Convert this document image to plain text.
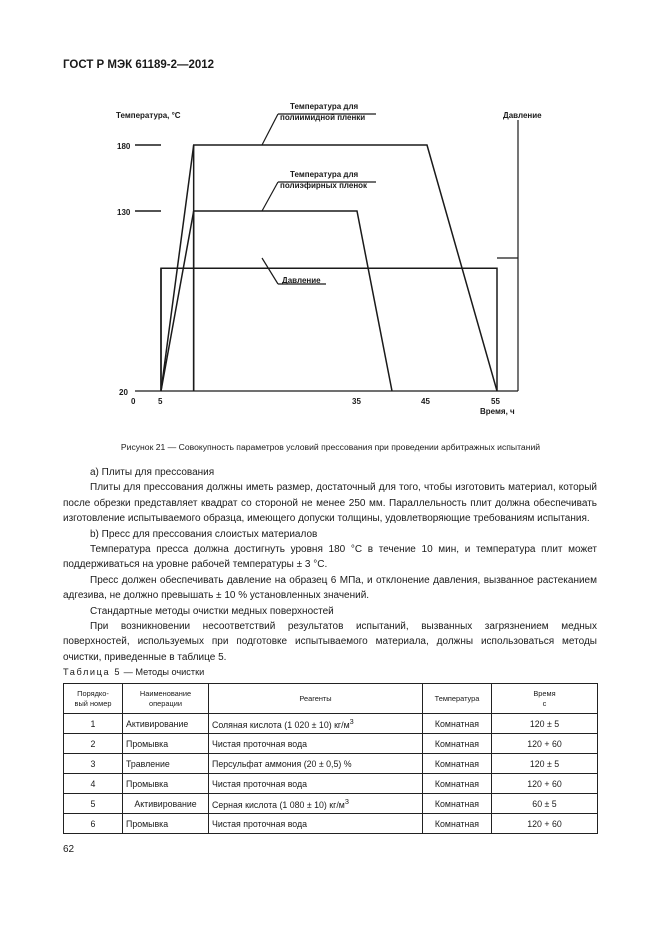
ГОСТ Р МЭК 61189-2—2012
Температура, °С	Давление
180
130
20
0	5	35	45	55
Время, ч
Температура для
полиимидной пленки
Температура для
полиэфирных пленок
Давление
Рисунок 21 — Совокупность параметров условий прессования при проведении арбитражных испытаний

а) Плиты для прессования

Плиты для прессования должны иметь размер, достаточный для того, чтобы изготовить материал, который после обрезки представляет квадрат со стороной не менее 250 мм. Параллельность плит должна обеспечивать изготовление испытываемого образца, имеющего допуски толщины, удовлетворяющие требованиям испытания.

b) Пресс для прессования слоистых материалов

Температура пресса должна достигнуть уровня 180 °С в течение 10 мин, и температура плит может поддерживаться на уровне рабочей температуры ± 3 °С.

Пресс должен обеспечивать давление на образец 6 МПа, и отклонение давления, вызванное растеканием адгезива, не должно превышать ± 10 % установленных значений.

Стандартные методы очистки медных поверхностей

При возникновении несоответствий результатов испытаний, вызванных загрязнением медных поверхностей, используемых при подготовке испытываемого материала, должны использоваться методы очистки, приведенные в таблице 5.

Таблица 5 — Методы очистки
Порядко-
вый номер	Наименование
операции	Реагенты	Температура	Время
с
1	Активирование	Соляная кислота (1 020 ± 10) $кг/м^3$	Комнатная	120 ± 5
2	Промывка	Чистая проточная вода	Комнатная	120 + 60
3	Травление	Персульфат аммония (20 ± 0,5) %	Комнатная	120 ± 5
4	Промывка	Чистая проточная вода	Комнатная	120 + 60
5	Активирование	Серная кислота (1 080 ± 10) $кг/м^3$	Комнатная	60 ± 5
6	Промывка	Чистая проточная вода	Комнатная	120 + 60
62
